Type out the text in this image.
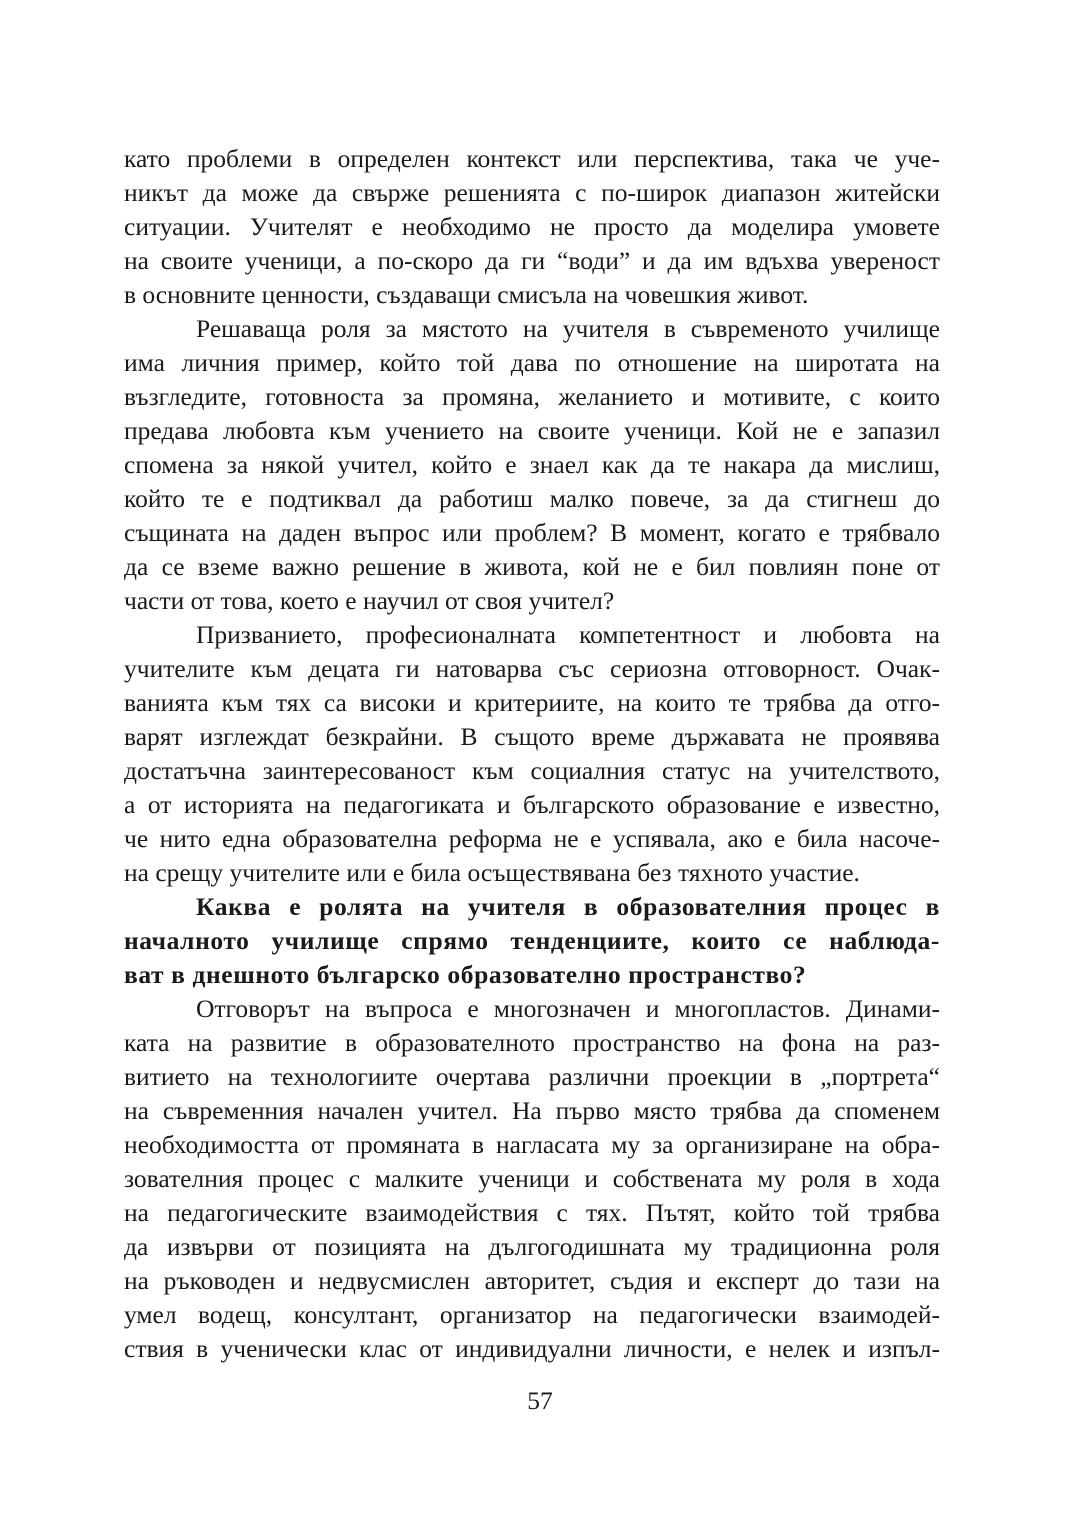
като проблеми в определен контекст или перспектива, така че уче-
никът да може да свърже решенията с по-широк диапазон житейски
ситуации. Учителят е необходимо не просто да моделира умовете
на своите ученици, а по-скоро да ги “води” и да им вдъхва увереност
в основните ценности, създаващи смисъла на човешкия живот.
Решаваща роля за мястото на учителя в съвременото училище
има личния пример, който той дава по отношение на широтата на
възгледите, готовноста за промяна, желанието и мотивите, с които
предава любовта към учението на своите ученици. Кой не е запазил
спомена за някой учител, който е знаел как да те накара да мислиш,
който те е подтиквал да работиш малко повече, за да стигнеш до
същината на даден въпрос или проблем? В момент, когато е трябвало
да се вземе важно решение в живота, кой не е бил повлиян поне от
части от това, което е научил от своя учител?
Призванието, професионалната компетентност и любовта на
учителите към децата ги натоварва със сериозна отговорност. Очак-
ванията към тях са високи и критериите, на които те трябва да отго-
варят изглеждат безкрайни. В същото време държавата не проявява
достатъчна заинтересованост към социалния статус на учителството,
а от историята на педагогиката и българското образование е известно,
че нито една образователна реформа не е успявала, ако е била насоче-
на срещу учителите или е била осъществявана без тяхното участие.
Каква е ролята на учителя в образователния процес в
началното училище спрямо тенденциите, които се наблюда-
ват в днешното българско образователно пространство?
Отговорът на въпроса е многозначен и многопластов. Динами-
ката на развитие в образователното пространство на фона на раз-
витието на технологиите очертава различни проекции в „портрета“
на съвременния начален учител. На първо място трябва да споменем
необходимостта от промяната в нагласата му за организиране на обра-
зователния процес с малките ученици и собствената му роля в хода
на педагогическите взаимодействия с тях. Пътят, който той трябва
да извърви от позицията на дългогодишната му традиционна роля
на ръководен и недвусмислен авторитет, съдия и експерт до тази на
умел водещ, консултант, организатор на педагогически взаимодей-
ствия в ученически клас от индивидуални личности, е нелек и изпъл-
57
